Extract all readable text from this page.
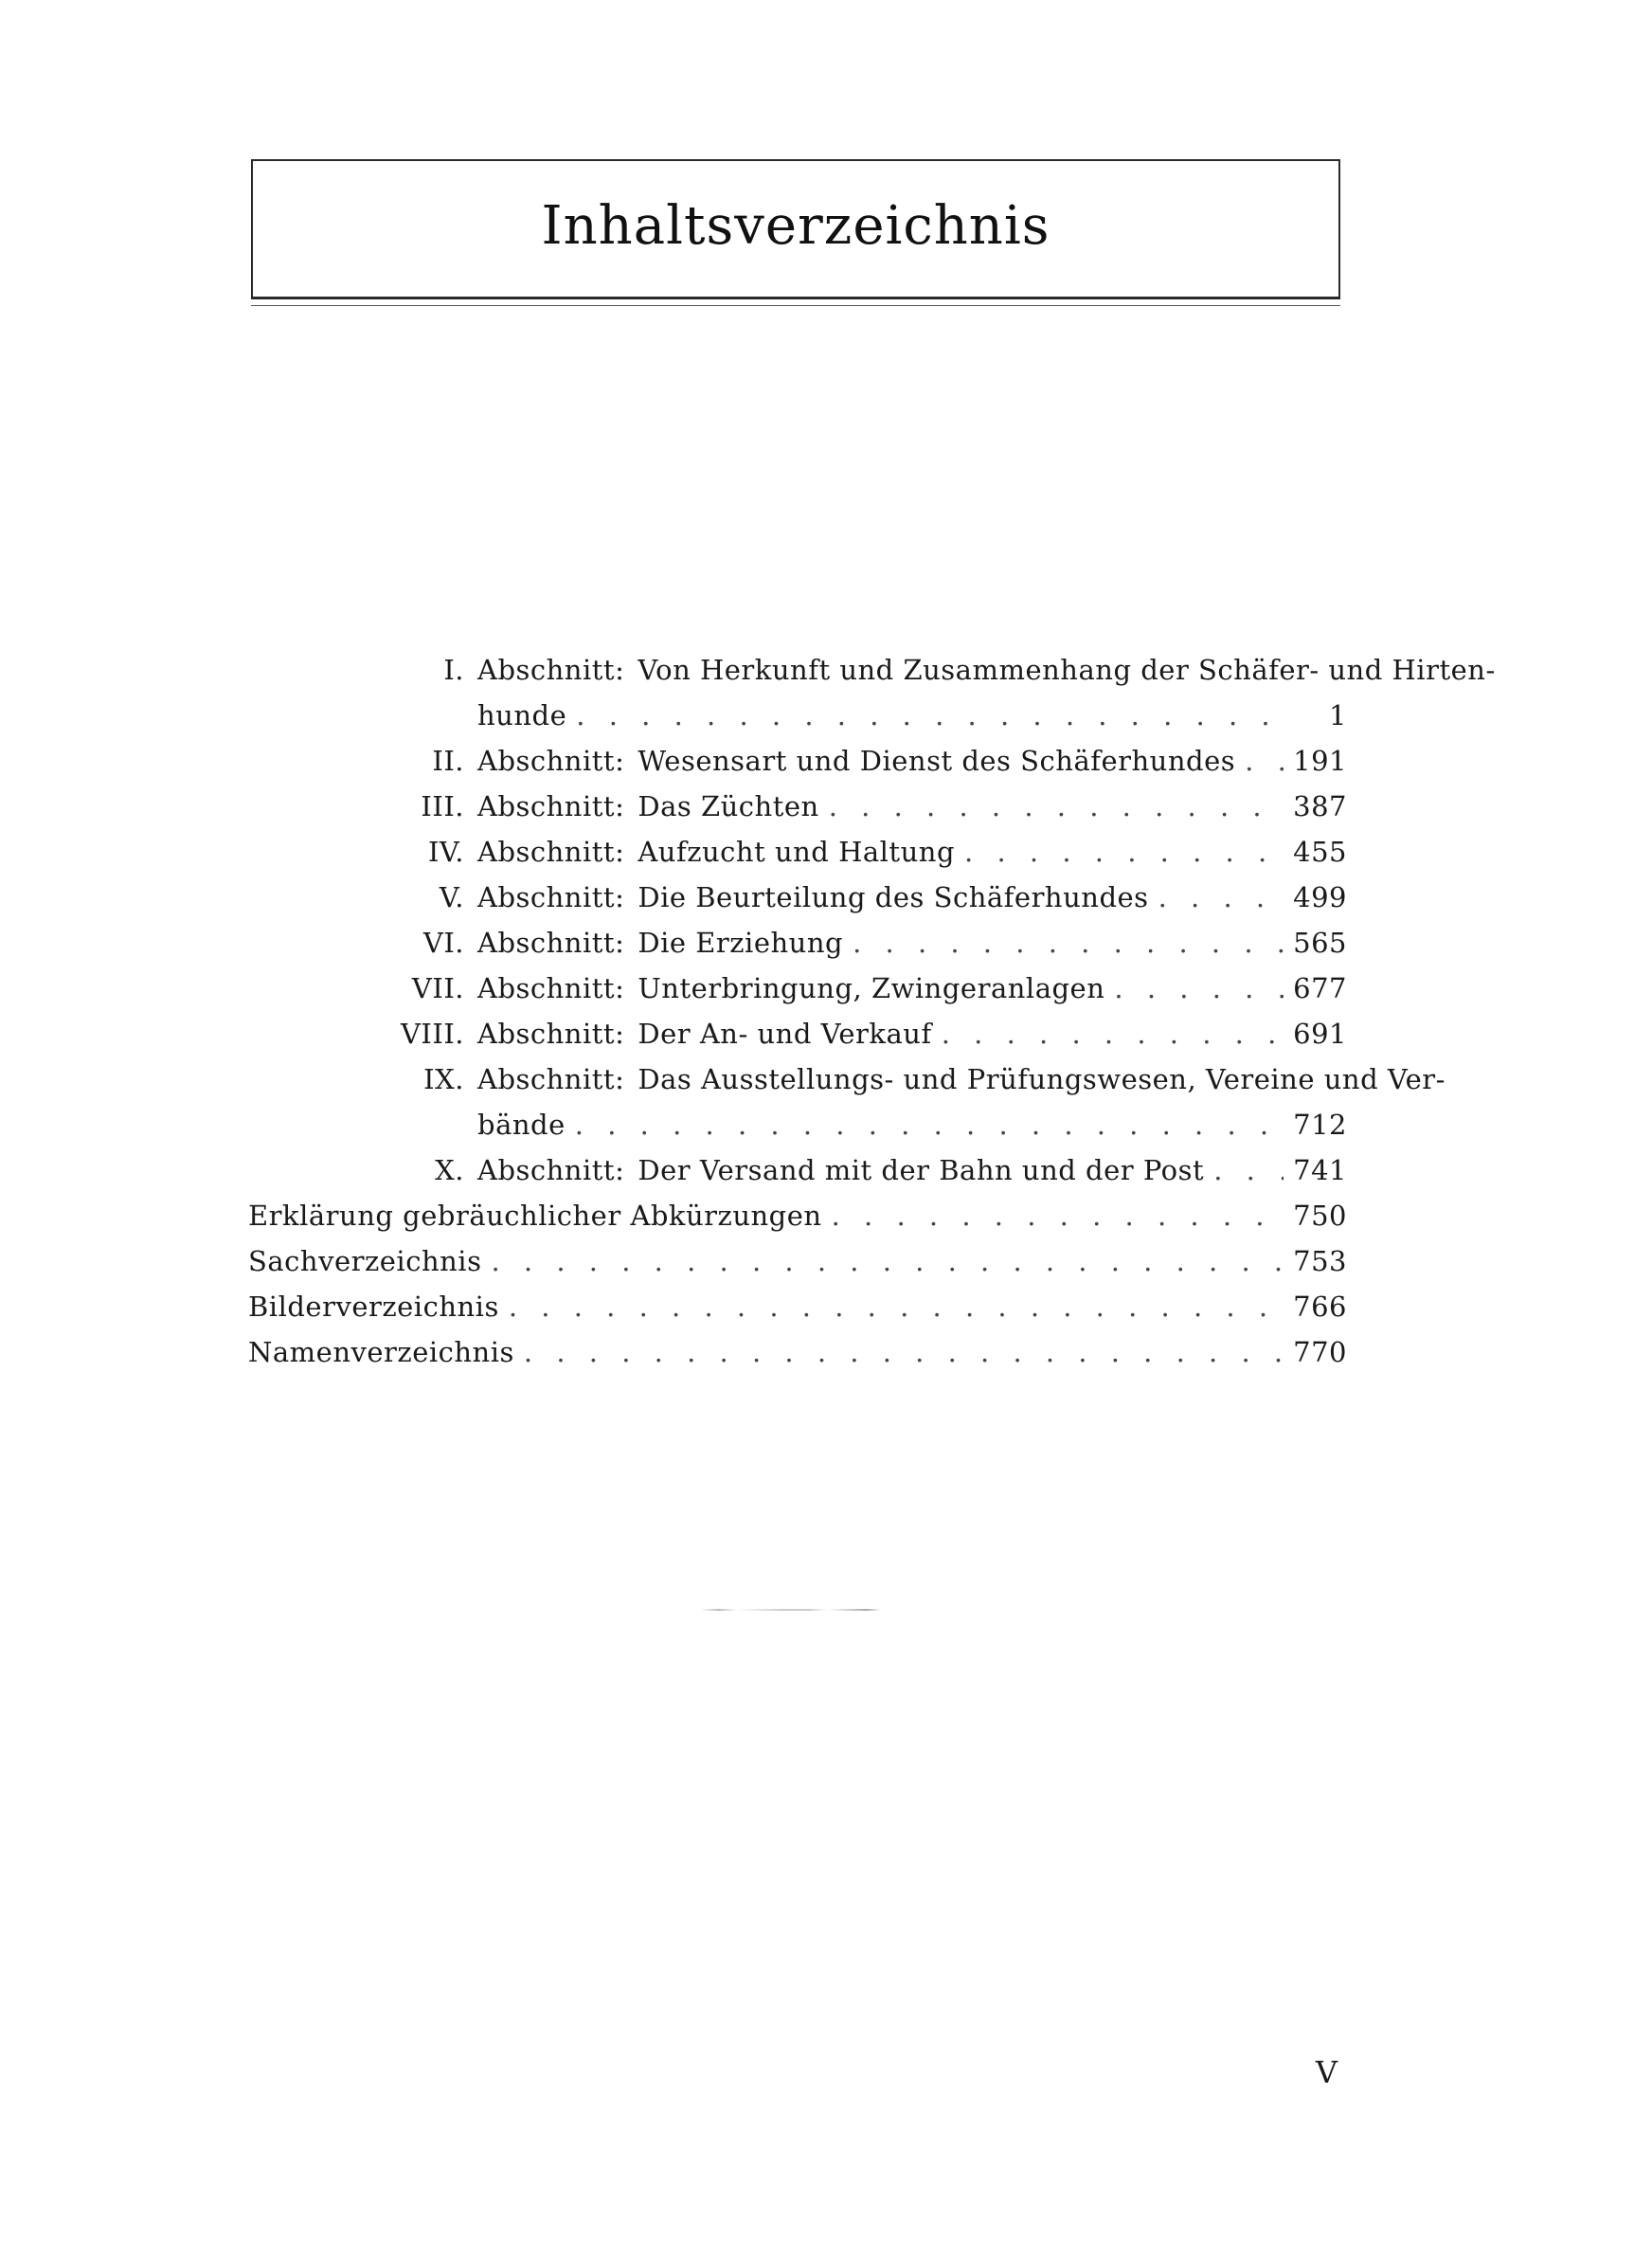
Inhaltsverzeichnis
I. Abschnitt: Von Herkunft und Zusammenhang der Schäfer- und Hirten-
hunde . . .	1
II. Abschnitt: Wesensart und Dienst des Schäferhundes . . . 191
III. Abschnitt: Das Züchten . . .	387
IV. Abschnitt: Aufzucht und Haltung . . .	455
V. Abschnitt: Die Beurteilung des Schäferhundes . . .	499
VI. Abschnitt: Die Erziehung . . .	565
VII. Abschnitt: Unterbringung, Zwingeranlagen . . .	677
VIII. Abschnitt: Der An- und Verkauf . . .	691
IX. Abschnitt: Das Ausstellungs- und Prüfungswesen, Vereine und Ver-
bände . . .	712
X. Abschnitt: Der Versand mit der Bahn und der Post . . .	741
Erklärung gebräuchlicher Abkürzungen . . .	750
Sachverzeichnis . . .	753
Bilderverzeichnis . . .	766
Namenverzeichnis . . .	770
V
